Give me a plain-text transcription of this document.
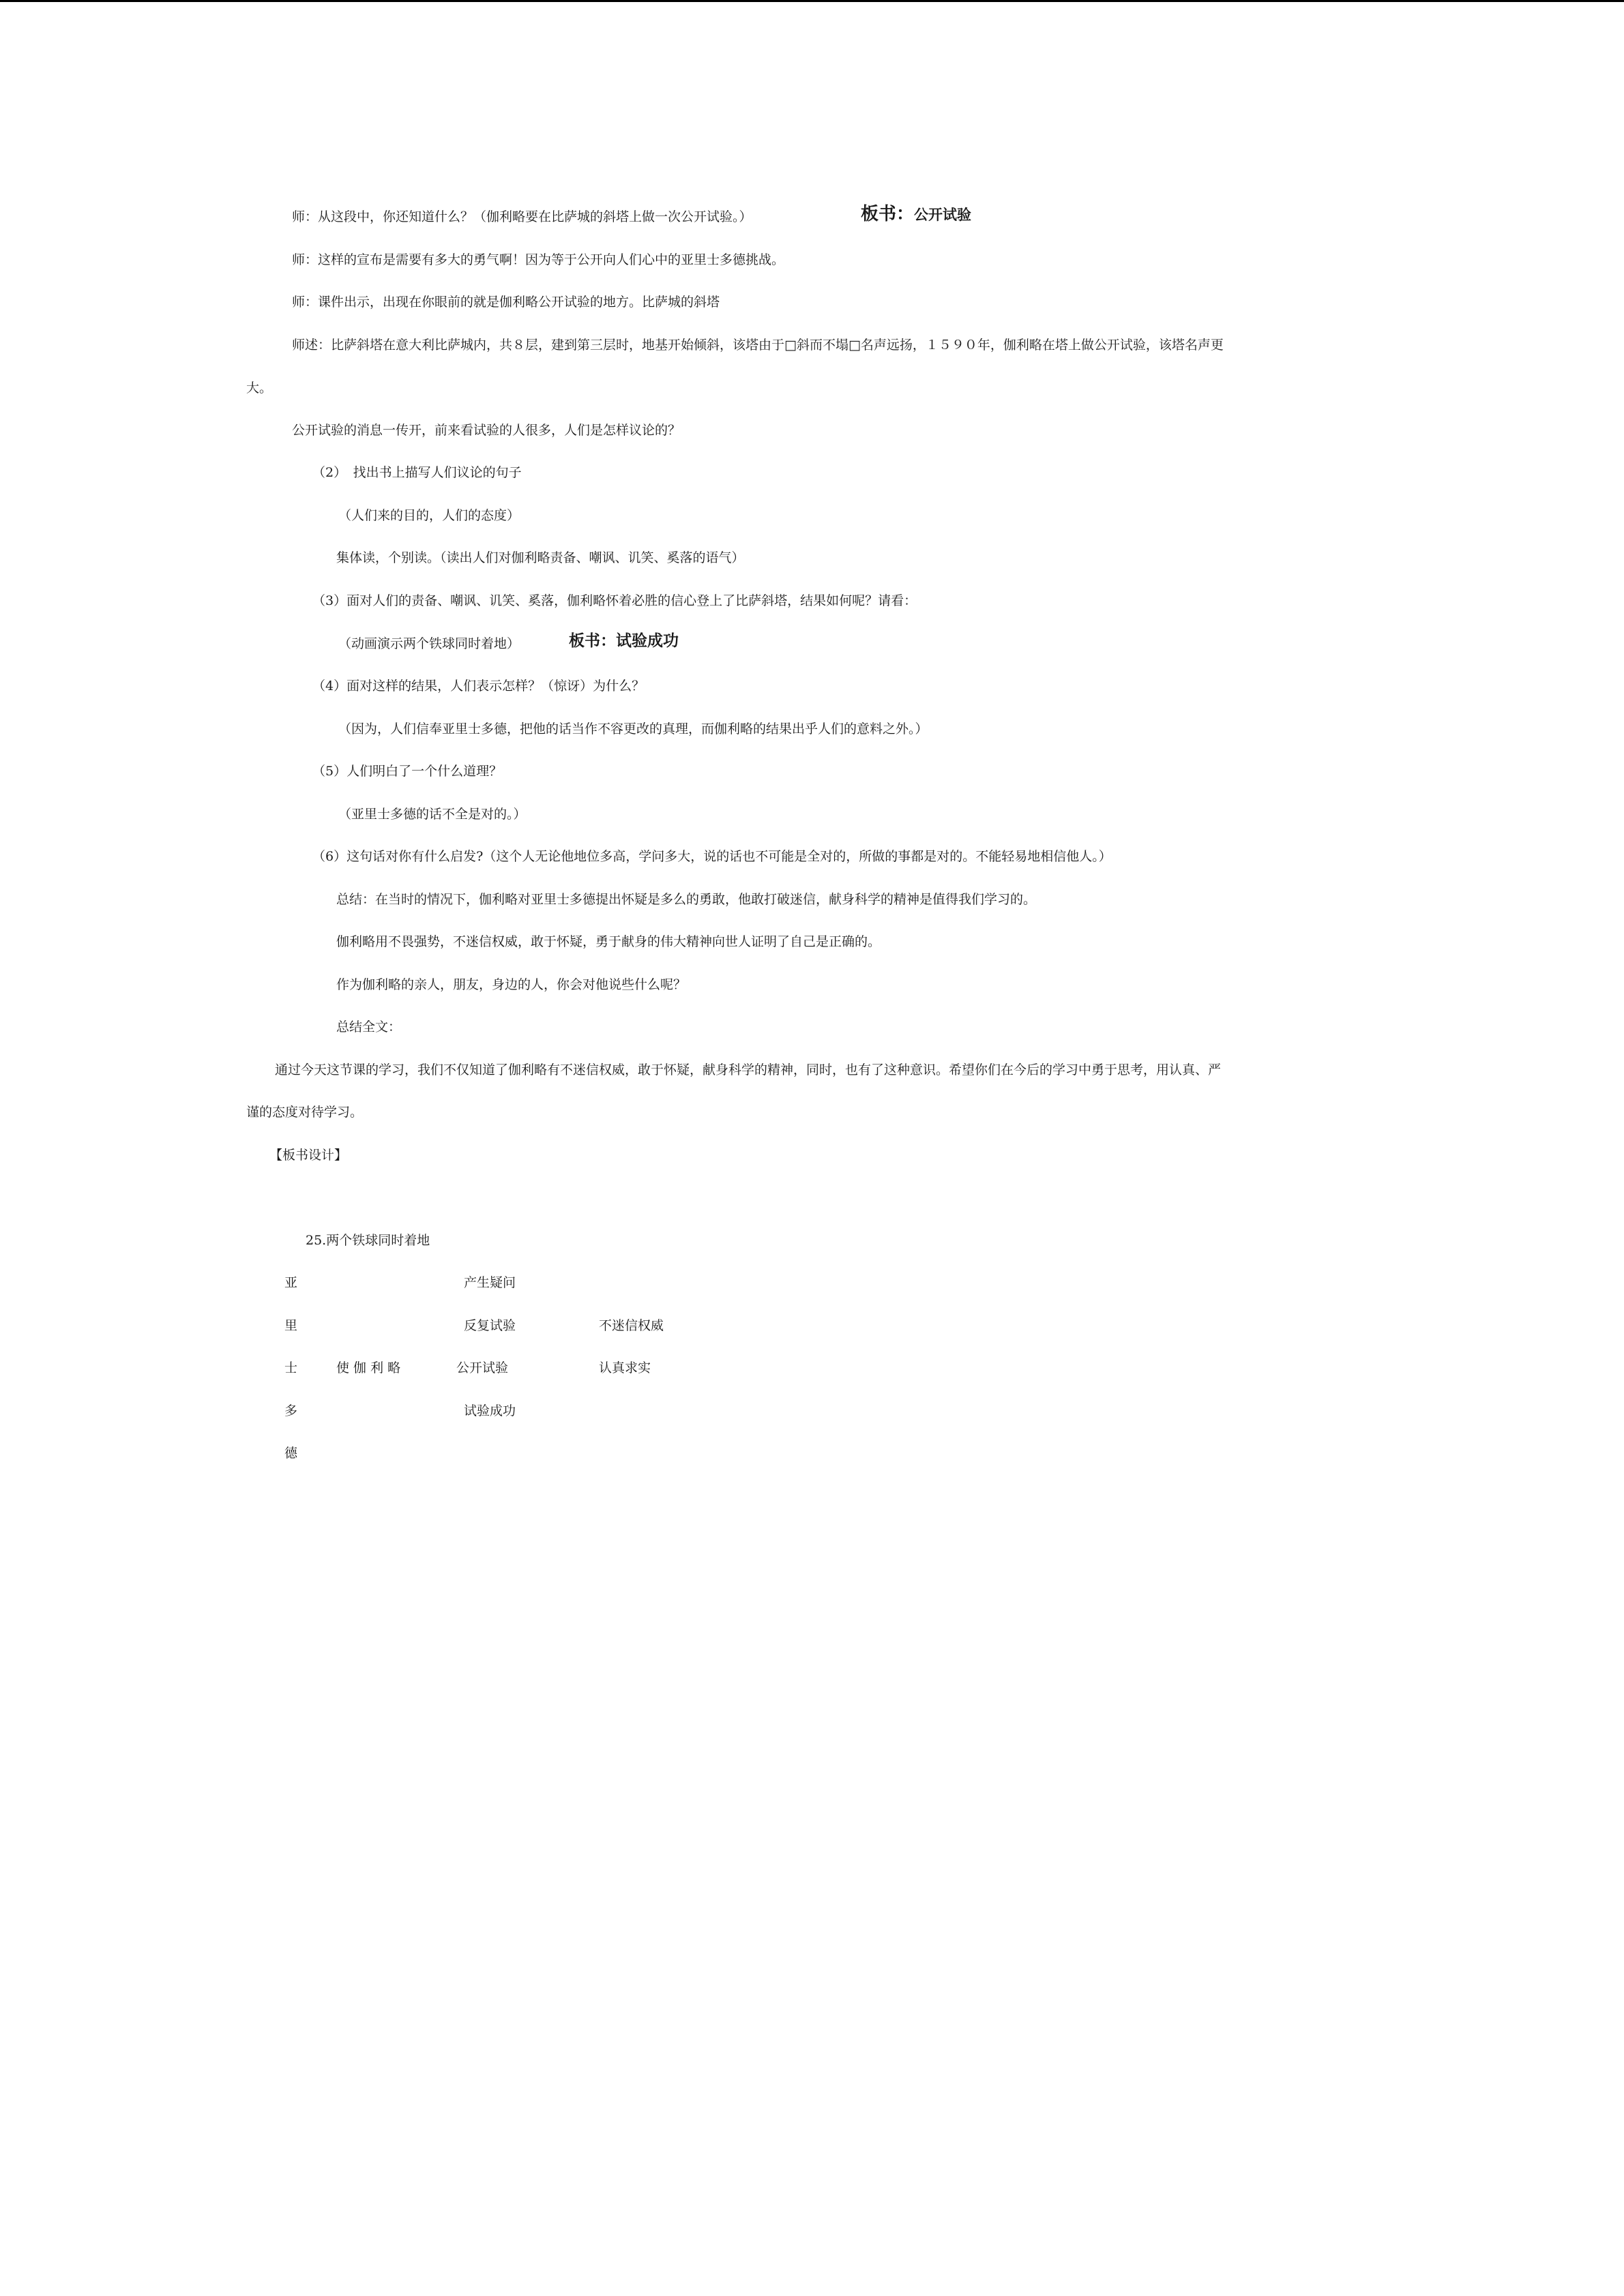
师：从这段中，你还知道什么？（伽利略要在比萨城的斜塔上做一次公开试验。）	板书：公开试验
师：这样的宣布是需要有多大的勇气啊！因为等于公开向人们心中的亚里士多德挑战。
师：课件出示，出现在你眼前的就是伽利略公开试验的地方。比萨城的斜塔
师述：比萨斜塔在意大利比萨城内，共８层，建到第三层时，地基开始倾斜，该塔由于□斜而不塌□名声远扬，１５９０年，伽利略在塔上做公开试验，该塔名声更
大。
公开试验的消息一传开，前来看试验的人很多，人们是怎样议论的？
（2）　找出书上描写人们议论的句子
（人们来的目的，人们的态度）
集体读，个别读。（读出人们对伽利略责备、嘲讽、讥笑、奚落的语气）
（3）面对人们的责备、嘲讽、讥笑、奚落，伽利略怀着必胜的信心登上了比萨斜塔，结果如何呢？请看：
（动画演示两个铁球同时着地）	板书：试验成功
（4）面对这样的结果，人们表示怎样？（惊讶）为什么？
（因为，人们信奉亚里士多德，把他的话当作不容更改的真理，而伽利略的结果出乎人们的意料之外。）
（5）人们明白了一个什么道理？
（亚里士多德的话不全是对的。）
（6）这句话对你有什么启发?（这个人无论他地位多高，学问多大，说的话也不可能是全对的，所做的事都是对的。不能轻易地相信他人。）
总结：在当时的情况下，伽利略对亚里士多德提出怀疑是多么的勇敢，他敢打破迷信，献身科学的精神是值得我们学习的。
伽利略用不畏强势，不迷信权威，敢于怀疑，勇于献身的伟大精神向世人证明了自己是正确的。
作为伽利略的亲人，朋友，身边的人，你会对他说些什么呢？
总结全文：
通过今天这节课的学习，我们不仅知道了伽利略有不迷信权威，敢于怀疑，献身科学的精神，同时，也有了这种意识。希望你们在今后的学习中勇于思考，用认真、严
谨的态度对待学习。
【板书设计】
25.两个铁球同时着地
亚
里
士
多
德
使 伽 利 略
产生疑问
反复试验
公开试验
试验成功
不迷信权威
认真求实
